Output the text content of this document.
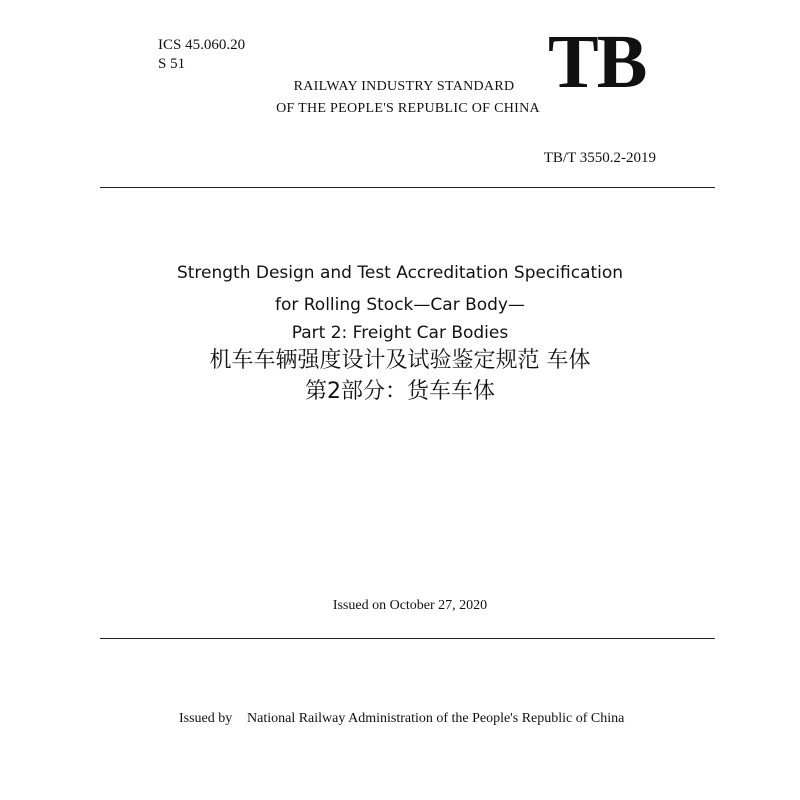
ICS 45.060.20
S 51	TB
RAILWAY INDUSTRY STANDARD
OF THE PEOPLE'S REPUBLIC OF CHINA
TB/T 3550.2-2019
Strength Design and Test Accreditation Specification
for Rolling Stock—Car Body—
Part 2: Freight Car Bodies
机车车辆强度设计及试验鉴定规范 车体
第2部分：货车车体
Issued on October 27, 2020
Issued by National Railway Administration of the People's Republic of China
